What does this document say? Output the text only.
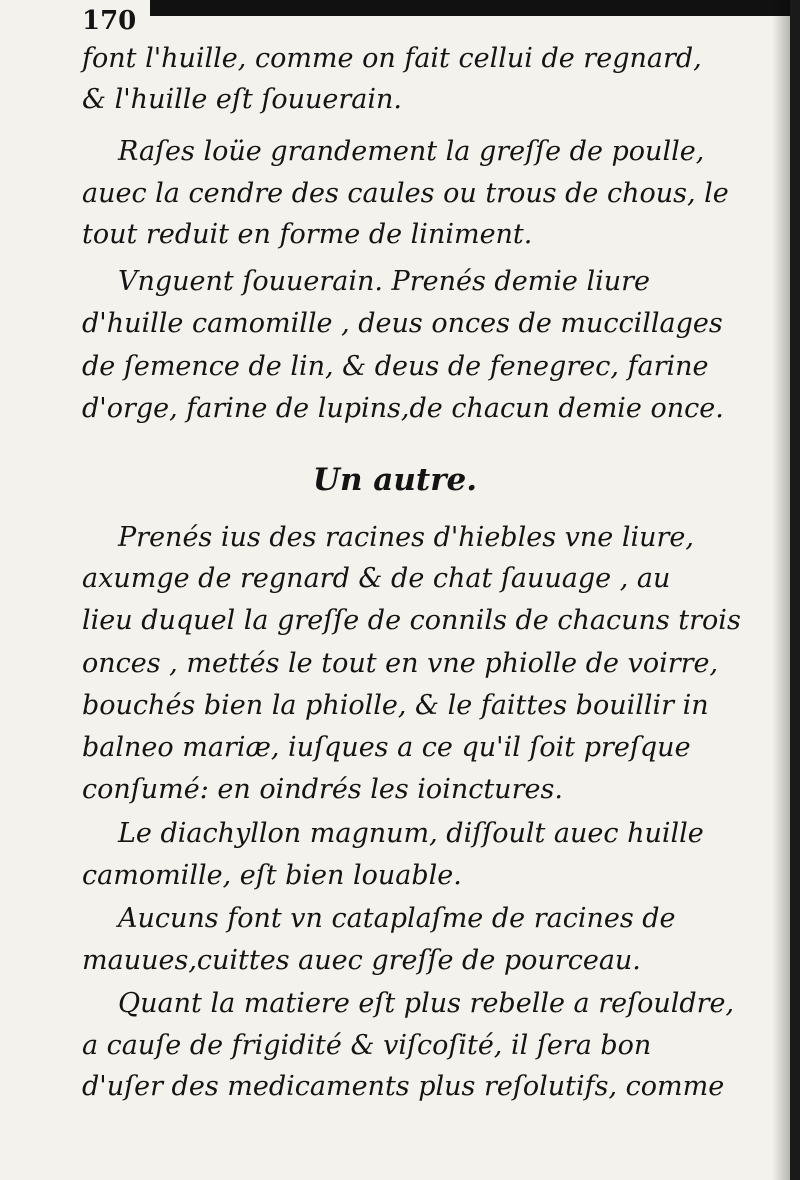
170
font l'huille, comme on fait cellui de regnard,
& l'huille eſt ſouuerain.
Raſes loüe grandement la greſſe de poulle,
auec la cendre des caules ou trous de chous, le
tout reduit en forme de liniment.
Vnguent ſouuerain. Prenés demie liure
d'huille camomille , deus onces de muccillages
de ſemence de lin, & deus de fenegrec, farine
d'orge, farine de lupins,de chacun demie once.
Un autre.
Prenés ius des racines d'hiebles vne liure,
axumge de regnard & de chat ſauuage , au
lieu duquel la greſſe de connils de chacuns trois
onces , mettés le tout en vne phiolle de voirre,
bouchés bien la phiolle, & le faittes bouillir in
balneo mariæ, iuſques a ce qu'il ſoit preſque
conſumé: en oindrés les ioinctures.
Le diachyllon magnum, diſſoult auec huille
camomille, eſt bien louable.
Aucuns font vn cataplaſme de racines de
mauues,cuittes auec greſſe de pourceau.
Quant la matiere eſt plus rebelle a reſouldre,
a cauſe de frigidité & viſcoſité, il ſera bon
d'uſer des medicaments plus reſolutifs, comme
